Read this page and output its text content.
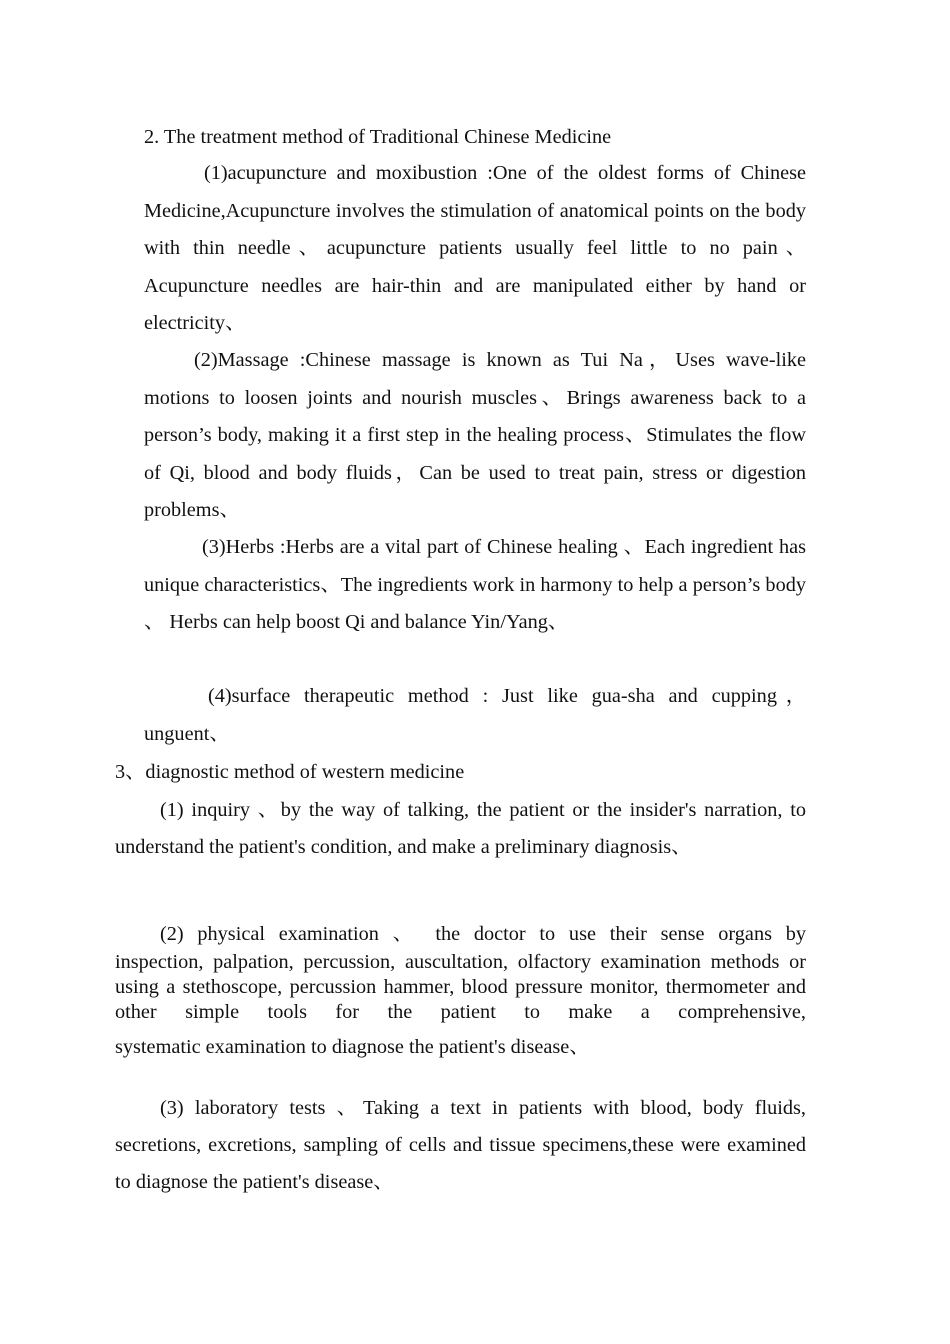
2. The treatment method of Traditional Chinese Medicine

(1)acupuncture and moxibustion :One of the oldest forms of Chinese Medicine,Acupuncture involves the stimulation of anatomical points on the body with thin needle、acupuncture patients usually feel little to no pain、Acupuncture needles are hair-thin and are manipulated either by hand or electricity、

(2)Massage :Chinese massage is known as Tui Na，Uses wave-like motions to loosen joints and nourish muscles、Brings awareness back to a person’s body, making it a first step in the healing process、Stimulates the flow of Qi, blood and body fluids，Can be used to treat pain, stress or digestion problems、

(3)Herbs :Herbs are a vital part of Chinese healing 、Each ingredient has unique characteristics、The ingredients work in harmony to help a person’s body 、 Herbs can help boost Qi and balance Yin/Yang、

(4)surface therapeutic method : Just like gua-sha and cupping，unguent、

3、diagnostic method of western medicine

(1) inquiry 、by the way of talking, the patient or the insider's narration, to understand the patient's condition, and make a preliminary diagnosis、

(2) physical examination 、 the doctor to use their sense organs by

inspection, palpation, percussion, auscultation, olfactory examination methods or using a stethoscope, percussion hammer, blood pressure monitor, thermometer and other simple tools for the patient to make a comprehensive,

systematic examination to diagnose the patient's disease、

(3) laboratory tests 、Taking a text in patients with blood, body fluids, secretions, excretions, sampling of cells and tissue specimens,these were examined to diagnose the patient's disease、
